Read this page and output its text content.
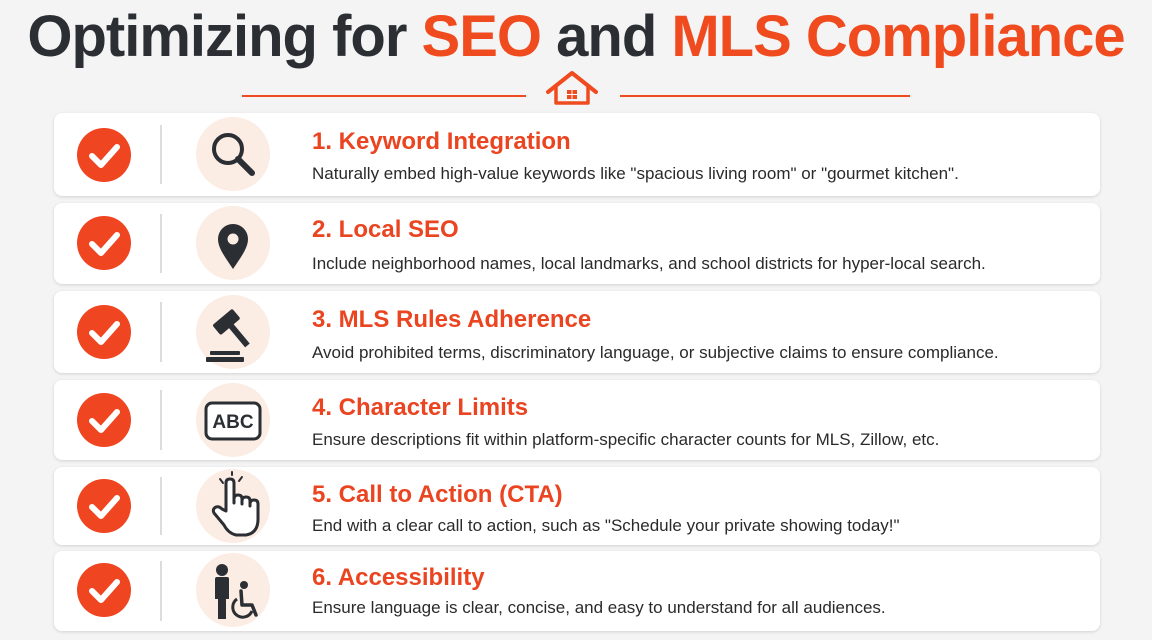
Optimizing for SEO and MLS Compliance
1. Keyword Integration
Naturally embed high-value keywords like "spacious living room" or "gourmet kitchen".
2. Local SEO
Include neighborhood names, local landmarks, and school districts for hyper-local search.
3. MLS Rules Adherence
Avoid prohibited terms, discriminatory language, or subjective claims to ensure compliance.
ABC
4. Character Limits
Ensure descriptions fit within platform-specific character counts for MLS, Zillow, etc.
5. Call to Action (CTA)
End with a clear call to action, such as "Schedule your private showing today!"
6. Accessibility
Ensure language is clear, concise, and easy to understand for all audiences.
